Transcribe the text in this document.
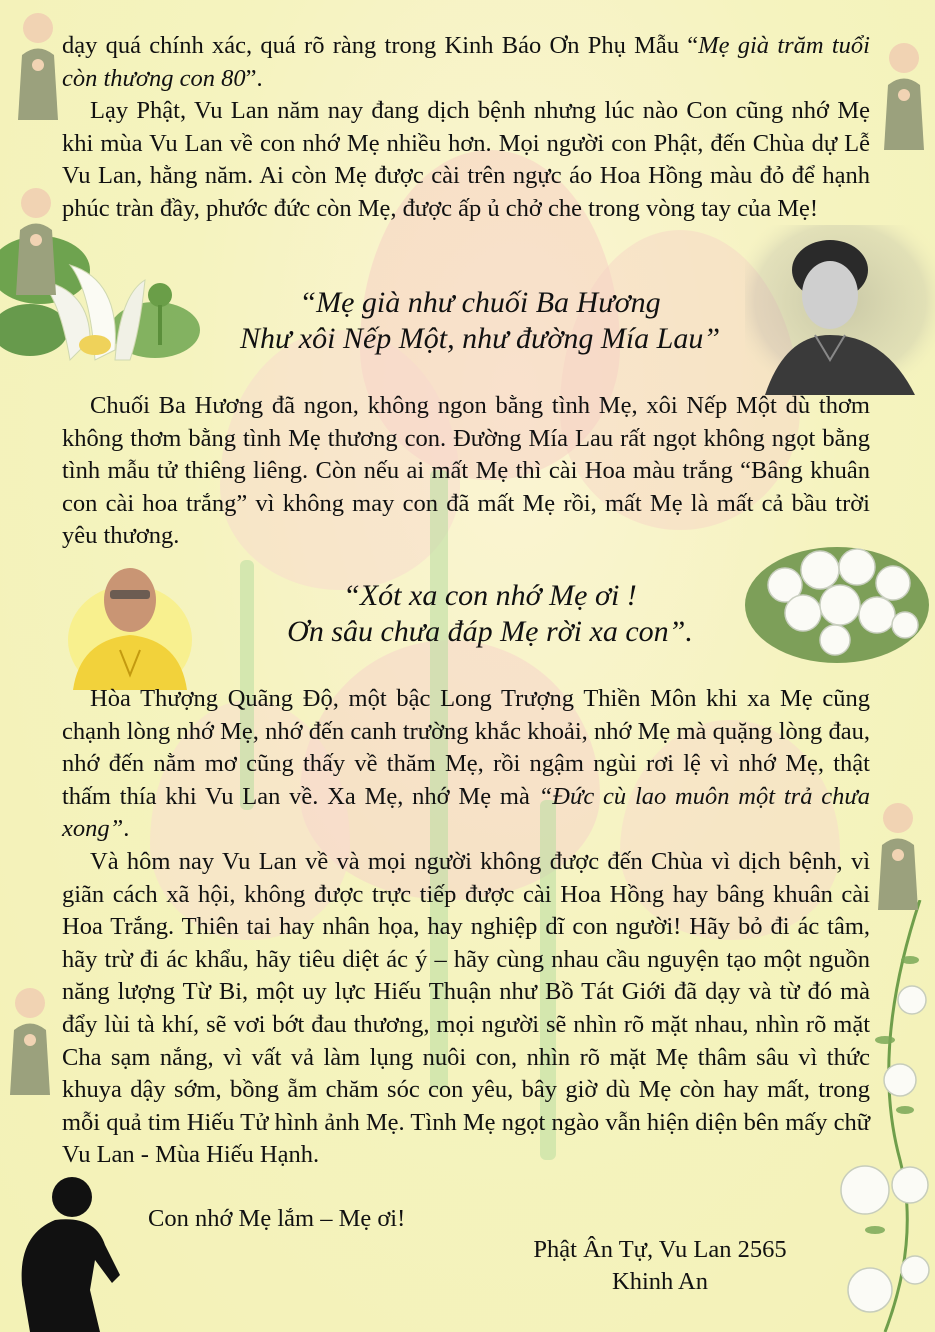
dạy quá chính xác, quá rõ ràng trong Kinh Báo Ơn Phụ Mẫu “Mẹ già trăm tuổi còn thương con 80”.

Lạy Phật, Vu Lan năm nay đang dịch bệnh nhưng lúc nào Con cũng nhớ Mẹ khi mùa Vu Lan về con nhớ Mẹ nhiều hơn. Mọi người con Phật, đến Chùa dự Lễ Vu Lan, hằng năm. Ai còn Mẹ được cài trên ngực áo Hoa Hồng màu đỏ để hạnh phúc tràn đầy, phước đức còn Mẹ, được ấp ủ chở che trong vòng tay của Mẹ!

“Mẹ già như chuối Ba Hương
Như xôi Nếp Một, như đường Mía Lau”

Chuối Ba Hương đã ngon, không ngon bằng tình Mẹ, xôi Nếp Một dù thơm không thơm bằng tình Mẹ thương con. Đường Mía Lau rất ngọt không ngọt bằng tình mẫu tử thiêng liêng. Còn nếu ai mất Mẹ thì cài Hoa màu trắng “Bâng khuân con cài hoa trắng” vì không may con đã mất Mẹ rồi, mất Mẹ là mất cả bầu trời yêu thương.

“Xót xa con nhớ Mẹ ơi !
Ơn sâu chưa đáp Mẹ rời xa con”.

Hòa Thượng Quãng Độ, một bậc Long Trượng Thiền Môn khi xa Mẹ cũng chạnh lòng nhớ Mẹ, nhớ đến canh trường khắc khoải, nhớ Mẹ mà quặng lòng đau, nhớ đến nằm mơ cũng thấy về thăm Mẹ, rồi ngậm ngùi rơi lệ vì nhớ Mẹ, thật thấm thía khi Vu Lan về. Xa Mẹ, nhớ Mẹ mà “Đức cù lao muôn một trả chưa xong”.

Và hôm nay Vu Lan về và mọi người không được đến Chùa vì dịch bệnh, vì giãn cách xã hội, không được trực tiếp được cài Hoa Hồng hay bâng khuân cài Hoa Trắng. Thiên tai hay nhân họa, hay nghiệp dĩ con người! Hãy bỏ đi ác tâm, hãy trừ đi ác khẩu, hãy tiêu diệt ác ý – hãy cùng nhau cầu nguyện tạo một nguồn năng lượng Từ Bi, một uy lực Hiếu Thuận như Bồ Tát Giới đã dạy và từ đó mà đẩy lùi tà khí, sẽ vơi bớt đau thương, mọi người sẽ nhìn rõ mặt nhau, nhìn rõ mặt Cha sạm nắng, vì vất vả làm lụng nuôi con, nhìn rõ mặt Mẹ thâm sâu vì thức khuya dậy sớm, bồng ẵm chăm sóc con yêu, bây giờ dù Mẹ còn hay mất, trong mỗi quả tim Hiếu Tử hình ảnh Mẹ. Tình Mẹ ngọt ngào vẫn hiện diện bên mấy chữ Vu Lan - Mùa Hiếu Hạnh.

Con nhớ Mẹ lắm – Mẹ ơi!
Phật Ân Tự, Vu Lan 2565
Khinh An
